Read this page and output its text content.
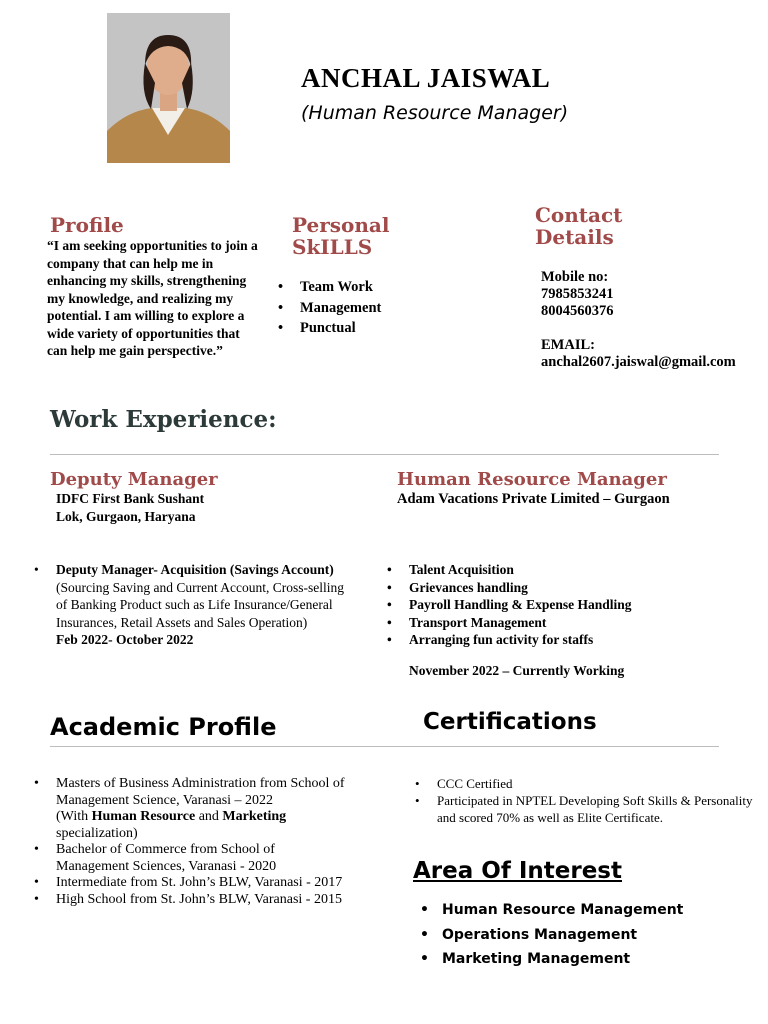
ANCHAL JAISWAL
(Human Resource Manager)
Profile
“I am seeking opportunities to join a company that can help me in enhancing my skills, strengthening my knowledge, and realizing my potential. I am willing to explore a wide variety of opportunities that can help me gain perspective.”
Personal
SkILLS
• Team Work
• Management
• Punctual
Contact
Details
Mobile no:
7985853241
8004560376
EMAIL:
anchal2607.jaiswal@gmail.com
Work Experience:
Deputy Manager
IDFC First Bank Sushant
Lok, Gurgaon, Haryana
• Deputy Manager- Acquisition (Savings Account) (Sourcing Saving and Current Account, Cross-selling of Banking Product such as Life Insurance/General Insurances, Retail Assets and Sales Operation)
Feb 2022- October 2022
Human Resource Manager
Adam Vacations Private Limited – Gurgaon
• Talent Acquisition
• Grievances handling
• Payroll Handling & Expense Handling
• Transport Management
• Arranging fun activity for staffs
November 2022 – Currently Working
Academic Profile	Certifications
• Masters of Business Administration from School of Management Science, Varanasi – 2022
(With Human Resource and Marketing
specialization)
• Bachelor of Commerce from School of Management Sciences, Varanasi - 2020
• Intermediate from St. John’s BLW, Varanasi - 2017
• High School from St. John’s BLW, Varanasi - 2015
• CCC Certified
• Participated in NPTEL Developing Soft Skills & Personality and scored 70% as well as Elite Certificate.
Area Of Interest
• Human Resource Management
• Operations Management
• Marketing Management
